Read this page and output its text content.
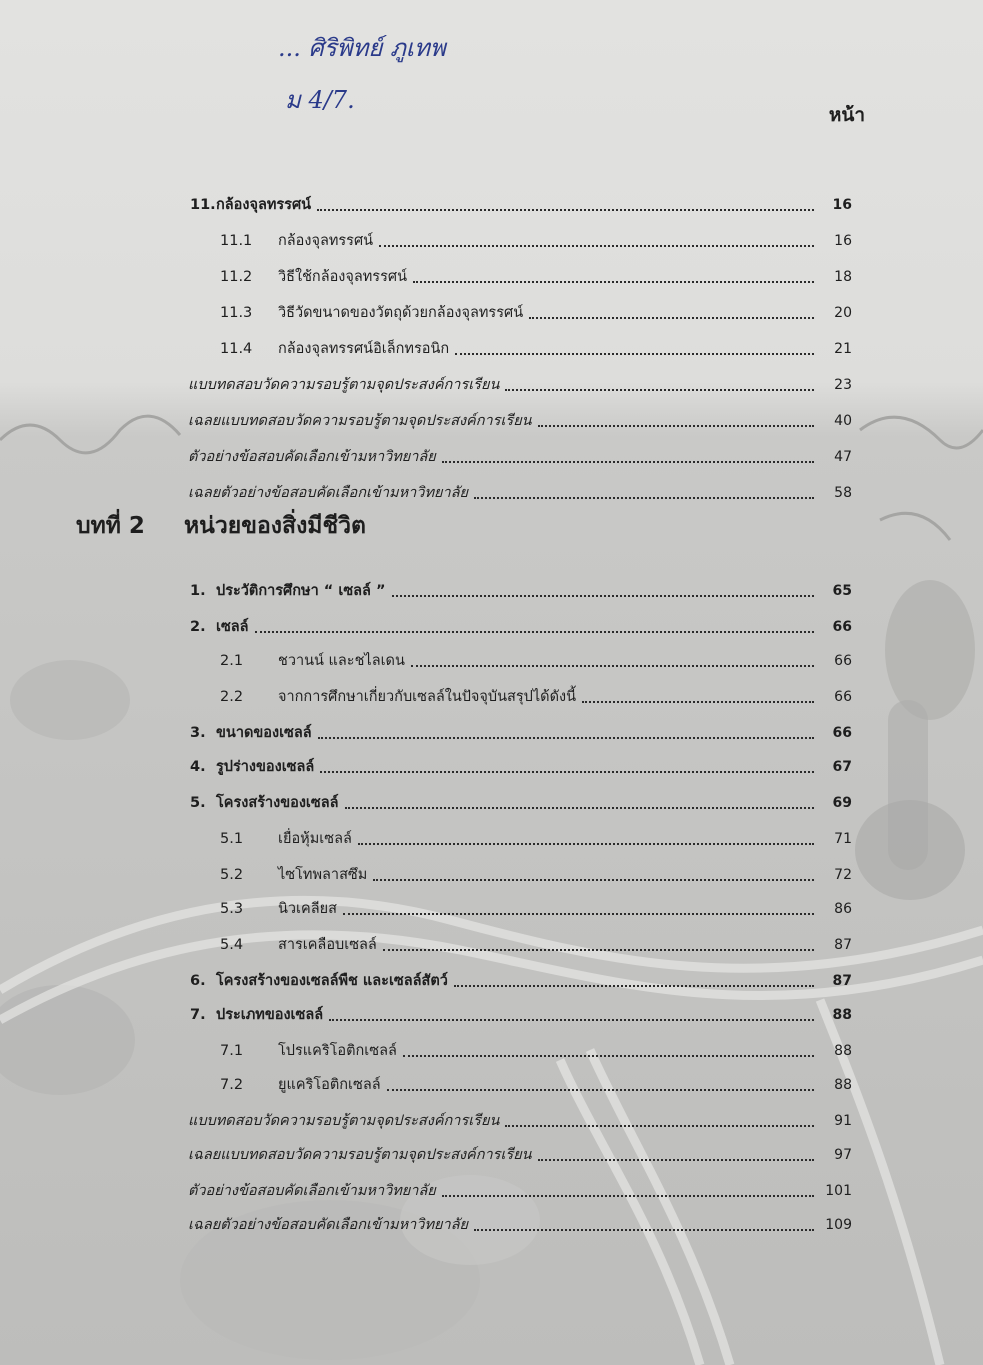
... ศิริพิทย์ ภูเทพ
ม 4/7.
หน้า
บทที่ 2	หน่วยของสิ่งมีชีวิต
11. กล้องจุลทรรศน์	16
11.1	กล้องจุลทรรศน์	16
11.2	วิธีใช้กล้องจุลทรรศน์	18
11.3	วิธีวัดขนาดของวัตถุด้วยกล้องจุลทรรศน์	20
11.4	กล้องจุลทรรศน์อิเล็กทรอนิก	21
แบบทดสอบวัดความรอบรู้ตามจุดประสงค์การเรียน	23
เฉลยแบบทดสอบวัดความรอบรู้ตามจุดประสงค์การเรียน	40
ตัวอย่างข้อสอบคัดเลือกเข้ามหาวิทยาลัย	47
เฉลยตัวอย่างข้อสอบคัดเลือกเข้ามหาวิทยาลัย	58
1. ประวัติการศึกษา “ เซลล์ ”	65
2. เซลล์	66
2.1	ชวานน์ และชไลเดน	66
2.2	จากการศึกษาเกี่ยวกับเซลล์ในปัจจุบันสรุปได้ดังนี้	66
3. ขนาดของเซลล์	66
4. รูปร่างของเซลล์	67
5. โครงสร้างของเซลล์	69
5.1	เยื่อหุ้มเซลล์	71
5.2	ไซโทพลาสซึม	72
5.3	นิวเคลียส	86
5.4	สารเคลือบเซลล์	87
6. โครงสร้างของเซลล์พืช และเซลล์สัตว์	87
7. ประเภทของเซลล์	88
7.1	โปรแคริโอติกเซลล์	88
7.2	ยูแคริโอติกเซลล์	88
แบบทดสอบวัดความรอบรู้ตามจุดประสงค์การเรียน	91
เฉลยแบบทดสอบวัดความรอบรู้ตามจุดประสงค์การเรียน	97
ตัวอย่างข้อสอบคัดเลือกเข้ามหาวิทยาลัย	101
เฉลยตัวอย่างข้อสอบคัดเลือกเข้ามหาวิทยาลัย	109
